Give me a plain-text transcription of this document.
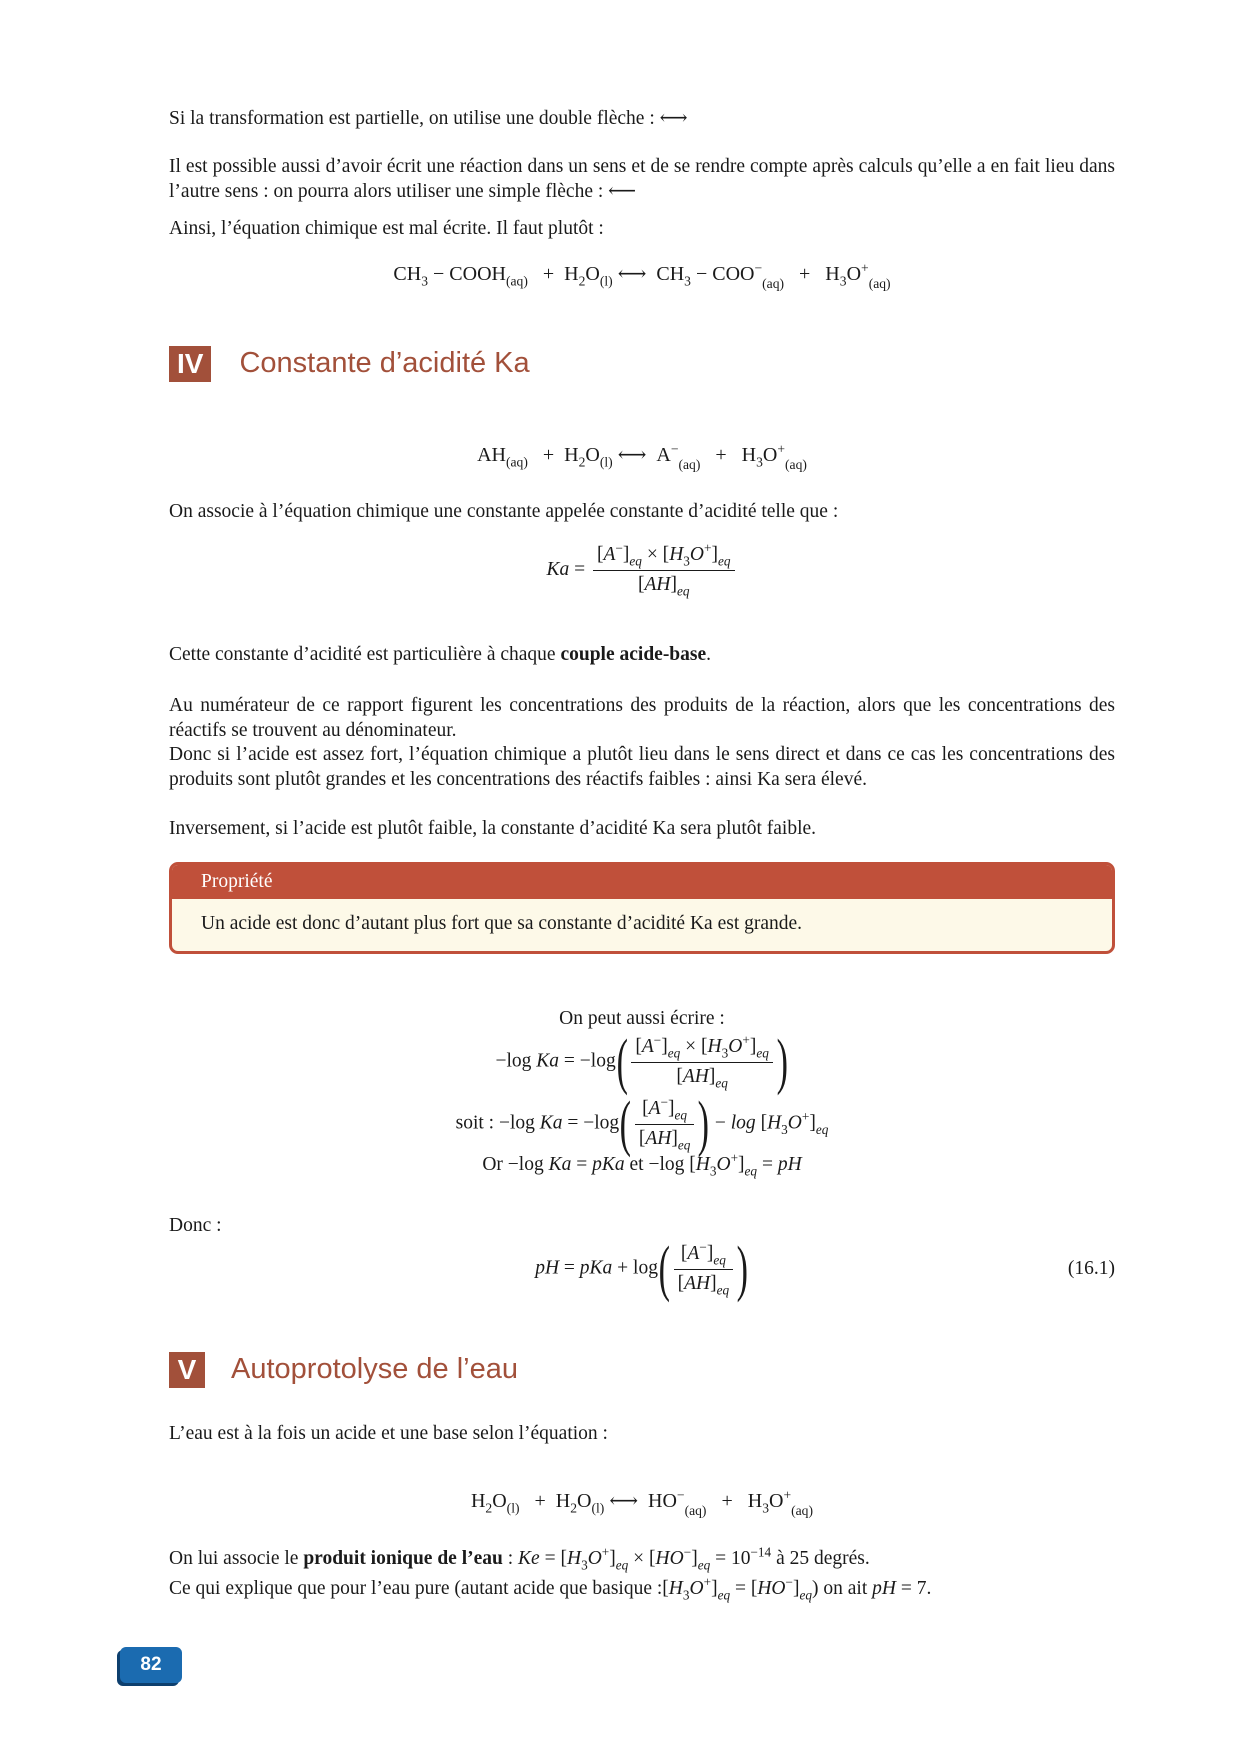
Si la transformation est partielle, on utilise une double flèche : ⟷

Il est possible aussi d’avoir écrit une réaction dans un sens et de se rendre compte après calculs qu’elle a en fait lieu dans l’autre sens : on pourra alors utiliser une simple flèche : ⟵

Ainsi, l’équation chimique est mal écrite. Il faut plutôt :

$CH_3$ − $COOH_{(aq)} + H_2O_{(l)}$ ⟷  $CH_3 - COO^-_{(aq)} + H_3O^+_{(aq)}$
IV Constante d’acidité Ka
$AH_{(aq)} + H_2O_{(l)}$ ⟷  $A^-_{(aq)} + H_3O^+_{(aq)}$

On associe à l’équation chimique une constante appelée constante d’acidité telle que :

$Ka = \frac{[A^-]_{eq} \times [H_3O^+]_{eq}}{[AH]_{eq}}$

Cette constante d’acidité est particulière à chaque couple acide-base.

Au numérateur de ce rapport figurent les concentrations des produits de la réaction, alors que les concentrations des réactifs se trouvent au dénominateur.

Donc si l’acide est assez fort, l’équation chimique a plutôt lieu dans le sens direct et dans ce cas les concentrations des produits sont plutôt grandes et les concentrations des réactifs faibles : ainsi Ka sera élevé.

Inversement, si l’acide est plutôt faible, la constante d’acidité Ka sera plutôt faible.

Propriété
Un acide est donc d’autant plus fort que sa constante d’acidité Ka est grande.
On peut aussi écrire :
−log $Ka = -\log( \frac{[A^-]_{eq} \times [H_3O^+]_{eq}}{[AH]_{eq}}$ )
soit : −log $Ka = -\log( \frac{[A^-]_{eq}}{[AH]_{eq}}$ ) − $\log [H_3O^+]_{eq}$
Or −log Ka = pKa et −log $[H_3O^+]_{eq}$ = pH

Donc :

pH = pKa + $\log( \frac{[A^-]_{eq}}{[AH]_{eq}}$ )	(16.1)
V Autoprotolyse de l’eau

L’eau est à la fois un acide et une base selon l’équation :

$H_2O_{(l)} + H_2O_{(l)}$ ⟷  $HO^-_{(aq)} + H_3O^+_{(aq)}$

On lui associe le produit ionique de l’eau : $Ke = [H_3O^+]_{eq} \times [HO^-]_{eq} = 10^{-14}$ à 25 degrés.

Ce qui explique que pour l’eau pure (autant acide que basique $:[H_3O^+]_{eq} = [HO^-]_{eq}$) on ait pH = 7.

82
